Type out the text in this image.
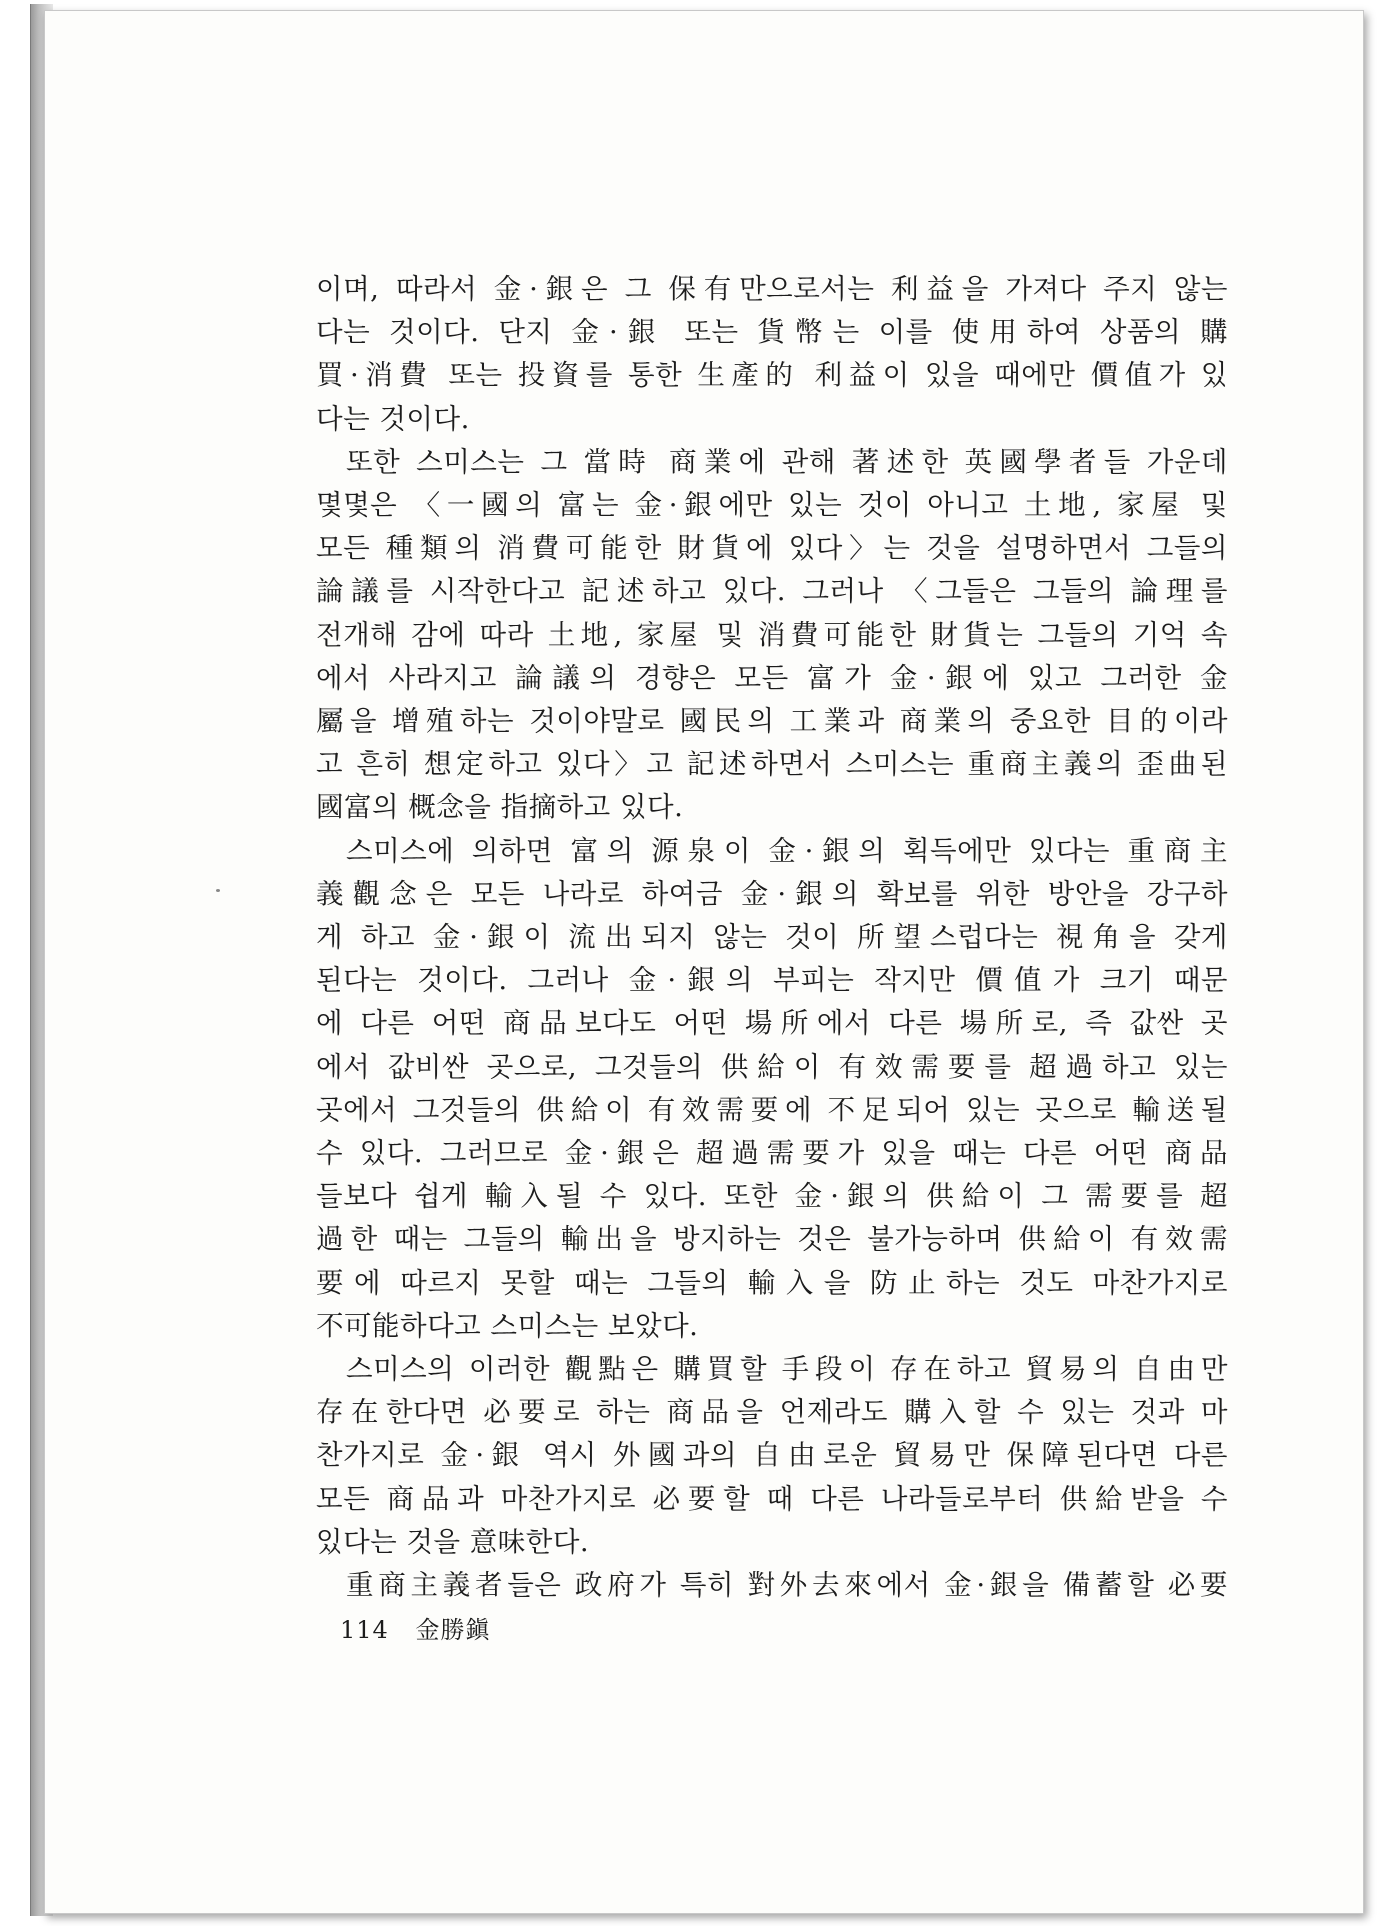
이며, 따라서 金·銀은 그 保有만으로서는 利益을 가져다 주지 않는
다는 것이다. 단지 金·銀 또는 貨幣는 이를 使用하여 상품의 購
買·消費 또는 投資를 통한 生產的 利益이 있을 때에만 價值가 있
다는 것이다.

또한 스미스는 그 當時 商業에 관해 著述한 英國學者들 가운데
몇몇은 〈一國의 富는 金·銀에만 있는 것이 아니고 土地, 家屋 및
모든 種類의 消費可能한 財貨에 있다〉는 것을 설명하면서 그들의
論議를 시작한다고 記述하고 있다. 그러나 〈그들은 그들의 論理를
전개해 감에 따라 土地, 家屋 및 消費可能한 財貨는 그들의 기억 속
에서 사라지고 論議의 경향은 모든 富가 金·銀에 있고 그러한 金
屬을 增殖하는 것이야말로 國民의 工業과 商業의 중요한 目的이라
고 흔히 想定하고 있다〉고 記述하면서 스미스는 重商主義의 歪曲된
國富의 概念을 指摘하고 있다.

스미스에 의하면 富의 源泉이 金·銀의 획득에만 있다는 重商主
義觀念은 모든 나라로 하여금 金·銀의 확보를 위한 방안을 강구하
게 하고 金·銀이 流出되지 않는 것이 所望스럽다는 視角을 갖게
된다는 것이다. 그러나 金·銀의 부피는 작지만 價值가 크기 때문
에 다른 어떤 商品보다도 어떤 場所에서 다른 場所로, 즉 값싼 곳
에서 값비싼 곳으로, 그것들의 供給이 有效需要를 超過하고 있는
곳에서 그것들의 供給이 有效需要에 不足되어 있는 곳으로 輸送될
수 있다. 그러므로 金·銀은 超過需要가 있을 때는 다른 어떤 商品
들보다 쉽게 輸入될 수 있다. 또한 金·銀의 供給이 그 需要를 超
過한 때는 그들의 輸出을 방지하는 것은 불가능하며 供給이 有效需
要에 따르지 못할 때는 그들의 輸入을 防止하는 것도 마찬가지로
不可能하다고 스미스는 보았다.

스미스의 이러한 觀點은 購買할 手段이 存在하고 貿易의 自由만
存在한다면 必要로 하는 商品을 언제라도 購入할 수 있는 것과 마
찬가지로 金·銀 역시 外國과의 自由로운 貿易만 保障된다면 다른
모든 商品과 마찬가지로 必要할 때 다른 나라들로부터 供給받을 수
있다는 것을 意味한다.

重商主義者들은 政府가 특히 對外去來에서 金·銀을 備蓄할 必要

114 金勝鎭
